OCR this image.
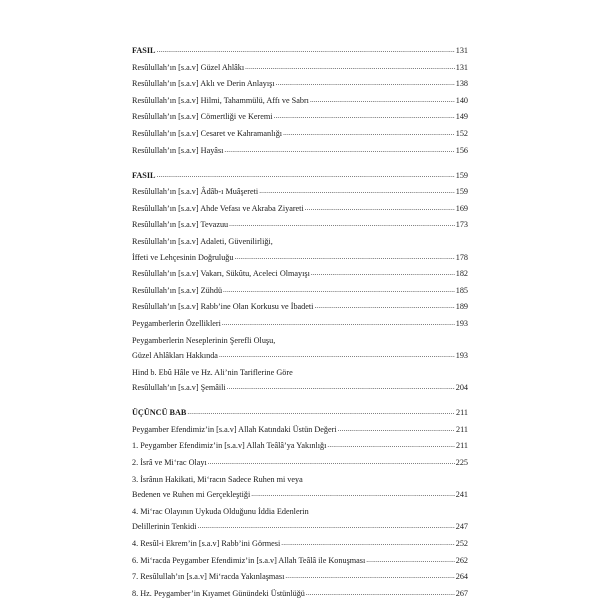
FASIL .....	131
Resûlullah’ın [s.a.v] Güzel Ahlâkı .....	131
Resûlullah’ın [s.a.v] Aklı ve Derin Anlayışı .....	138
Resûlullah’ın [s.a.v] Hilmi, Tahammülü, Affı ve Sabrı .....	140
Resûlullah’ın [s.a.v] Cömertliği ve Keremi .....	149
Resûlullah’ın [s.a.v] Cesaret ve Kahramanlığı .....	152
Resûlullah’ın [s.a.v] Hayâsı .....	156
FASIL .....	159
Resûlullah’ın [s.a.v] Âdâb-ı Muâşereti .....	159
Resûlullah’ın [s.a.v] Ahde Vefası ve Akraba Ziyareti .....	169
Resûlullah’ın [s.a.v] Tevazuu .....	173
Resûlullah’ın [s.a.v] Adaleti, Güvenilirliği,
İffeti ve Lehçesinin Doğruluğu .....	178
Resûlullah’ın [s.a.v] Vakarı, Sükûtu, Aceleci Olmayışı .....	182
Resûlullah’ın [s.a.v] Zühdü .....	185
Resûlullah’ın [s.a.v] Rabb’ine Olan Korkusu ve İbadeti .....	189
Peygamberlerin Özellikleri .....	193
Peygamberlerin Neseplerinin Şerefli Oluşu,
Güzel Ahlâkları Hakkında .....	193
Hind b. Ebû Hâle ve Hz. Ali’nin Tariflerine Göre
Resûlullah’ın [s.a.v] Şemâili .....	204
ÜÇÜNCÜ BAB .....	211
Peygamber Efendimiz’in [s.a.v] Allah Katındaki Üstün Değeri .....	211
1. Peygamber Efendimiz’in [s.a.v] Allah Teâlâ’ya Yakınlığı .....	211
2. İsrâ ve Mi‘rac Olayı .....	225
3. İsrânın Hakikati, Mi‘racın Sadece Ruhen mi veya
Bedenen ve Ruhen mi Gerçekleştiği .....	241
4. Mi‘rac Olayının Uykuda Olduğunu İddia Edenlerin
Delillerinin Tenkidi .....	247
4. Resûl-i Ekrem’in [s.a.v] Rabb’ini Görmesi .....	252
6. Mi‘racda Peygamber Efendimiz’in [s.a.v] Allah Teâlâ ile Konuşması .....	262
7. Resûlullah’ın [s.a.v] Mi‘racda Yakınlaşması .....	264
8. Hz. Peygamber’in Kıyamet Günündeki Üstünlüğü .....	267
